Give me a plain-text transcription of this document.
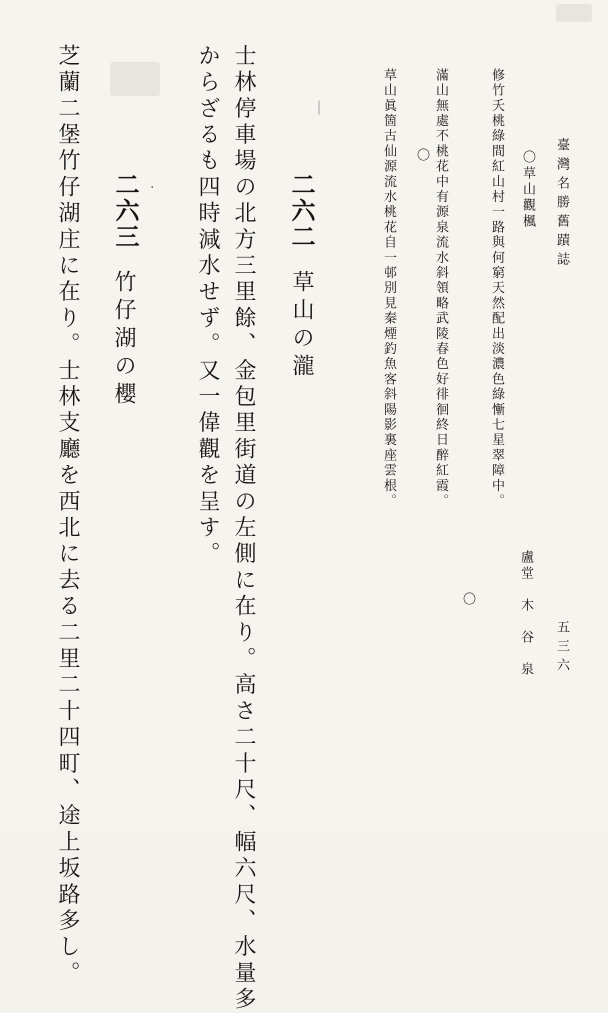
｜
·	臺灣名勝舊蹟誌
五三六
〇草山觀楓
盧堂　木　谷　泉
修竹夭桃綠間紅山村一路與何窮天然配出淡濃色綠慚七星翠障中。
〇
滿山無處不桃花中有源泉流水斜領略武陵春色好徘徊終日醉紅霞。
〇
草山眞箇古仙源流水桃花自一邨別見秦煙釣魚客斜陽影裏座雲根。
二六二
草山の瀧
士林停車場の北方三里餘、金包里街道の左側に在り。高さ二十尺、幅六尺、水量多
からざるも四時減水せず。又一偉觀を呈す。
二六三
竹仔湖の櫻
芝蘭二堡竹仔湖庄に在り。士林支廳を西北に去る二里二十四町、途上坂路多し。
